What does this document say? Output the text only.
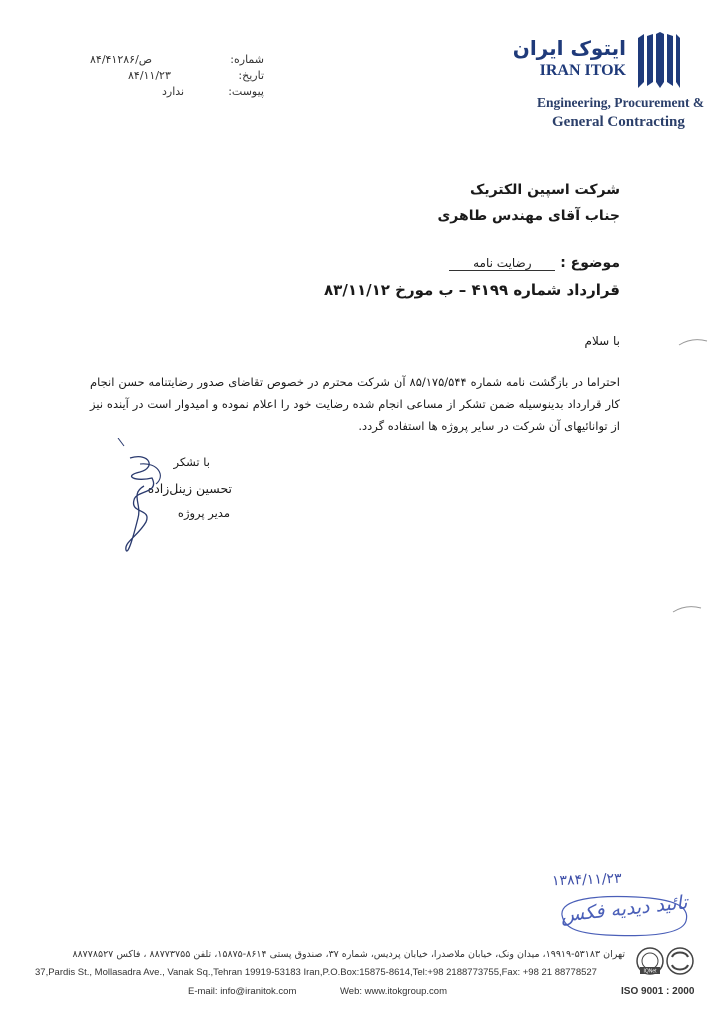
ایتوک ایران
IRAN ITOK
Engineering, Procurement &
General Contracting
شماره:
تاریخ:
پیوست:
۸۴/۴۱۲۸۶/ص
۸۴/۱۱/۲۳
ندارد
شرکت اسپین الکتریک
جناب آقای مهندس طاهری
موضوع : رضایت نامه
قرارداد شماره ۴۱۹۹ – ب مورخ ۸۳/۱۱/۱۲
با سلام
احتراما در بازگشت نامه شماره ۸۵/۱۷۵/۵۴۴ آن شرکت محترم در خصوص تقاضای صدور رضایتنامه حسن انجام کار قرارداد بدینوسیله ضمن تشکر از مساعی انجام شده رضایت خود را اعلام نموده و امیدوار است در آینده نیز از توانائیهای آن شرکت در سایر پروژه ها استفاده گردد.
با تشکر
تحسین زینل‌زاده
مدیر پروژه
۱۳۸۴/۱۱/۲۳
تائید دیدیه فکس
تهران ۵۳۱۸۳-۱۹۹۱۹، میدان ونک، خیابان ملاصدرا، خیابان پردیس، شماره ۳۷، صندوق پستی ۸۶۱۴-۱۵۸۷۵، تلفن ۸۸۷۷۳۷۵۵ ، فاکس ۸۸۷۷۸۵۲۷
37,Pardis St., Mollasadra Ave., Vanak Sq.,Tehran 19919-53183 Iran,P.O.Box:15875-8614,Tel:+98 2188773755,Fax: +98 21 88778527
E-mail: info@iranitok.com	Web: www.itokgroup.com
IQNet
ISO 9001 : 2000
